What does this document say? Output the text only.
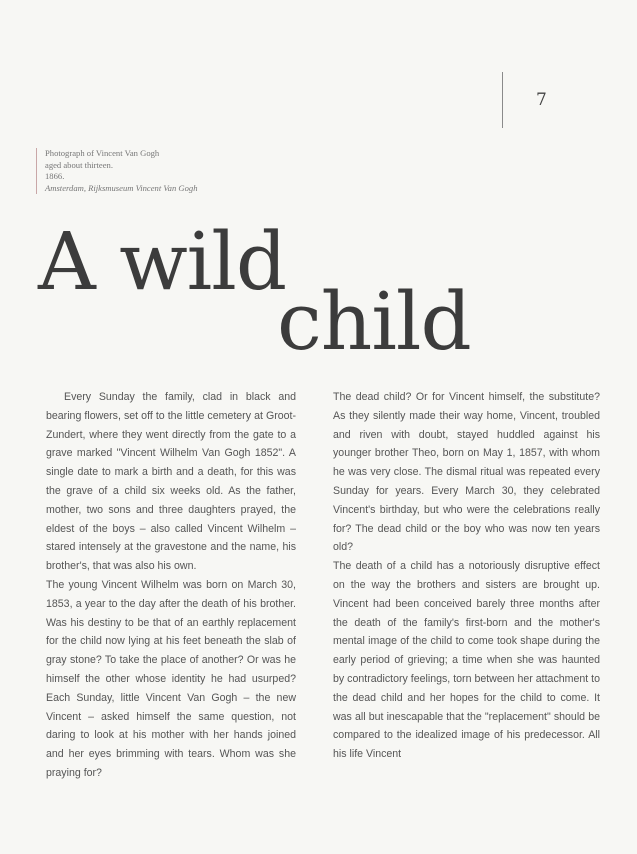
7
Photograph of Vincent Van Gogh
aged about thirteen.
1866.
Amsterdam, Rijksmuseum Vincent Van Gogh
A wild
child

Every Sunday the family, clad in black and bearing flowers, set off to the little cemetery at Groot-Zundert, where they went directly from the gate to a grave marked "Vincent Wilhelm Van Gogh 1852". A single date to mark a birth and a death, for this was the grave of a child six weeks old. As the father, mother, two sons and three daughters prayed, the eldest of the boys – also called Vincent Wilhelm – stared intensely at the gravestone and the name, his brother's, that was also his own.

The young Vincent Wilhelm was born on March 30, 1853, a year to the day after the death of his brother. Was his destiny to be that of an earthly replacement for the child now lying at his feet beneath the slab of gray stone? To take the place of another? Or was he himself the other whose identity he had usurped? Each Sunday, little Vincent Van Gogh – the new Vincent – asked himself the same question, not daring to look at his mother with her hands joined and her eyes brimming with tears. Whom was she praying for?

The dead child? Or for Vincent himself, the substitute? As they silently made their way home, Vincent, troubled and riven with doubt, stayed huddled against his younger brother Theo, born on May 1, 1857, with whom he was very close. The dismal ritual was repeated every Sunday for years. Every March 30, they celebrated Vincent's birthday, but who were the celebrations really for? The dead child or the boy who was now ten years old?

The death of a child has a notoriously disruptive effect on the way the brothers and sisters are brought up. Vincent had been conceived barely three months after the death of the family's first-born and the mother's mental image of the child to come took shape during the early period of grieving; a time when she was haunted by contradictory feelings, torn between her attachment to the dead child and her hopes for the child to come. It was all but inescapable that the "replacement" should be compared to the idealized image of his predecessor. All his life Vincent
